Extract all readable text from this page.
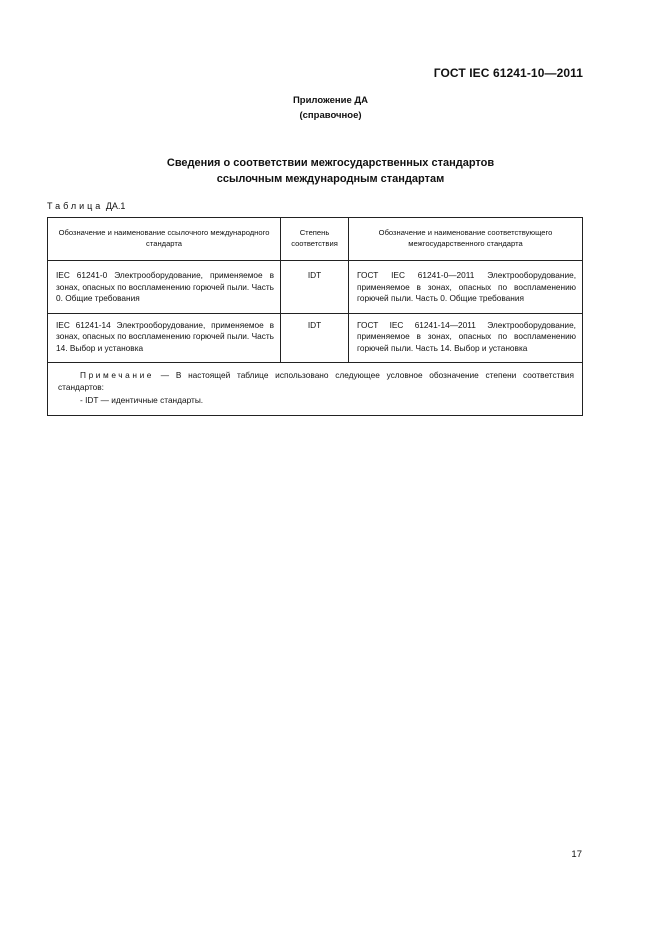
ГОСТ IEC 61241-10—2011
Приложение ДА
(справочное)
Сведения о соответствии межгосударственных стандартов
ссылочным международным стандартам
Таблица ДА.1
Обозначение и наименование ссылочного международного стандарта	Степень соответствия	Обозначение и наименование соответствующего межгосударственного стандарта
IEC 61241-0 Электрооборудование, применяемое в зонах, опасных по воспламенению горючей пыли. Часть 0. Общие требования	IDT	ГОСТ IEC 61241-0—2011 Электрооборудование, применяемое в зонах, опасных по воспламенению горючей пыли. Часть 0. Общие требования
IEC 61241-14 Электрооборудование, применяемое в зонах, опасных по воспламенению горючей пыли. Часть 14. Выбор и установка	IDT	ГОСТ IEC 61241-14—2011 Электрооборудование, применяемое в зонах, опасных по воспламенению горючей пыли. Часть 14. Выбор и установка

Примечание — В настоящей таблице использовано следующее условное обозначение степени соответствия стандартов:
- IDT — идентичные стандарты.		
17
